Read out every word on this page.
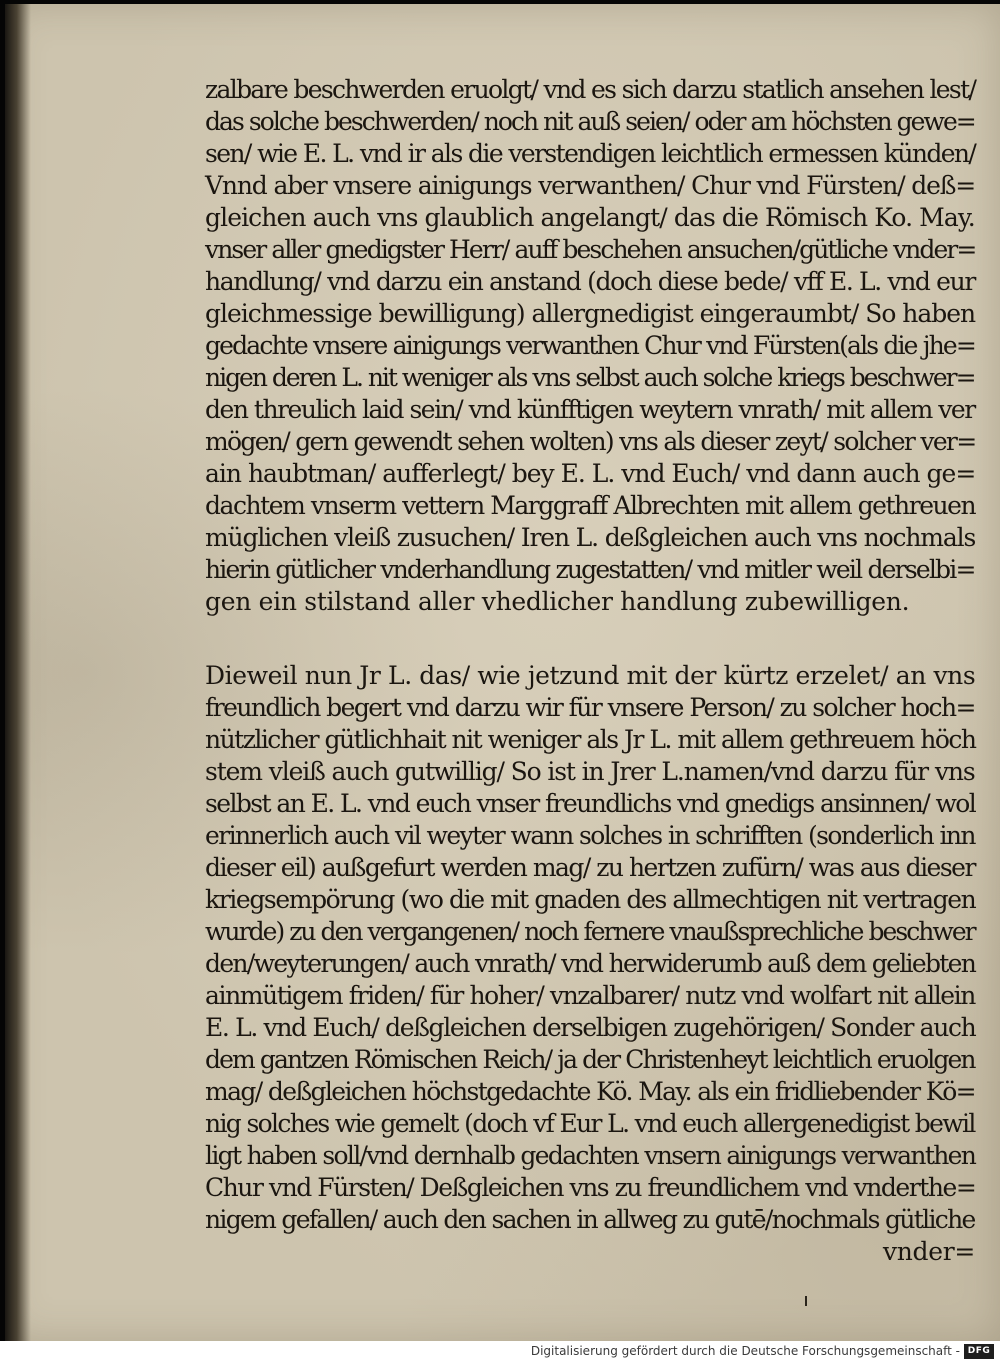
zalbare beschwerden eruolgt/ vnd es sich darzu statlich ansehen lest/
das solche beschwerden/ noch nit auß seien/ oder am höchsten gewe=
sen/ wie E. L. vnd ir als die verstendigen leichtlich ermessen künden/
Vnnd aber vnsere ainigungs verwanthen/ Chur vnd Fürsten/ deß=
gleichen auch vns glaublich angelangt/ das die Römisch Ko. May.
vnser aller gnedigster Herr/ auff beschehen ansuchen/gütliche vnder=
handlung/ vnd darzu ein anstand (doch diese bede/ vff E. L. vnd eur
gleichmessige bewilligung) allergnedigist eingeraumbt/ So haben
gedachte vnsere ainigungs verwanthen Chur vnd Fürsten(als die jhe=
nigen deren L. nit weniger als vns selbst auch solche kriegs beschwer=
den threulich laid sein/ vnd künfftigen weytern vnrath/ mit allem ver
mögen/ gern gewendt sehen wolten) vns als dieser zeyt/ solcher ver=
ain haubtman/ aufferlegt/ bey E. L. vnd Euch/ vnd dann auch ge=
dachtem vnserm vettern Marggraff Albrechten mit allem gethreuen
müglichen vleiß zusuchen/ Iren L. deßgleichen auch vns nochmals
hierin gütlicher vnderhandlung zugestatten/ vnd mitler weil derselbi=
gen ein stilstand aller vhedlicher handlung zubewilligen.
Dieweil nun Jr L. das/ wie jetzund mit der kürtz erzelet/ an vns
freundlich begert vnd darzu wir für vnsere Person/ zu solcher hoch=
nützlicher gütlichhait nit weniger als Jr L. mit allem gethreuem höch
stem vleiß auch gutwillig/ So ist in Jrer L.namen/vnd darzu für vns
selbst an E. L. vnd euch vnser freundlichs vnd gnedigs ansinnen/ wol
erinnerlich auch vil weyter wann solches in schrifften (sonderlich inn
dieser eil) außgefurt werden mag/ zu hertzen zufürn/ was aus dieser
kriegsempörung (wo die mit gnaden des allmechtigen nit vertragen
wurde) zu den vergangenen/ noch fernere vnaußsprechliche beschwer
den/weyterungen/ auch vnrath/ vnd herwiderumb auß dem geliebten
ainmütigem friden/ für hoher/ vnzalbarer/ nutz vnd wolfart nit allein
E. L. vnd Euch/ deßgleichen derselbigen zugehörigen/ Sonder auch
dem gantzen Römischen Reich/ ja der Christenheyt leichtlich eruolgen
mag/ deßgleichen höchstgedachte Kö. May. als ein fridliebender Kö=
nig solches wie gemelt (doch vf Eur L. vnd euch allergenedigist bewil
ligt haben soll/vnd dernhalb gedachten vnsern ainigungs verwanthen
Chur vnd Fürsten/ Deßgleichen vns zu freundlichem vnd vnderthe=
nigem gefallen/ auch den sachen in allweg zu gutē/nochmals gütliche
vnder=
Digitalisierung gefördert durch die Deutsche Forschungsgemeinschaft - DFG
